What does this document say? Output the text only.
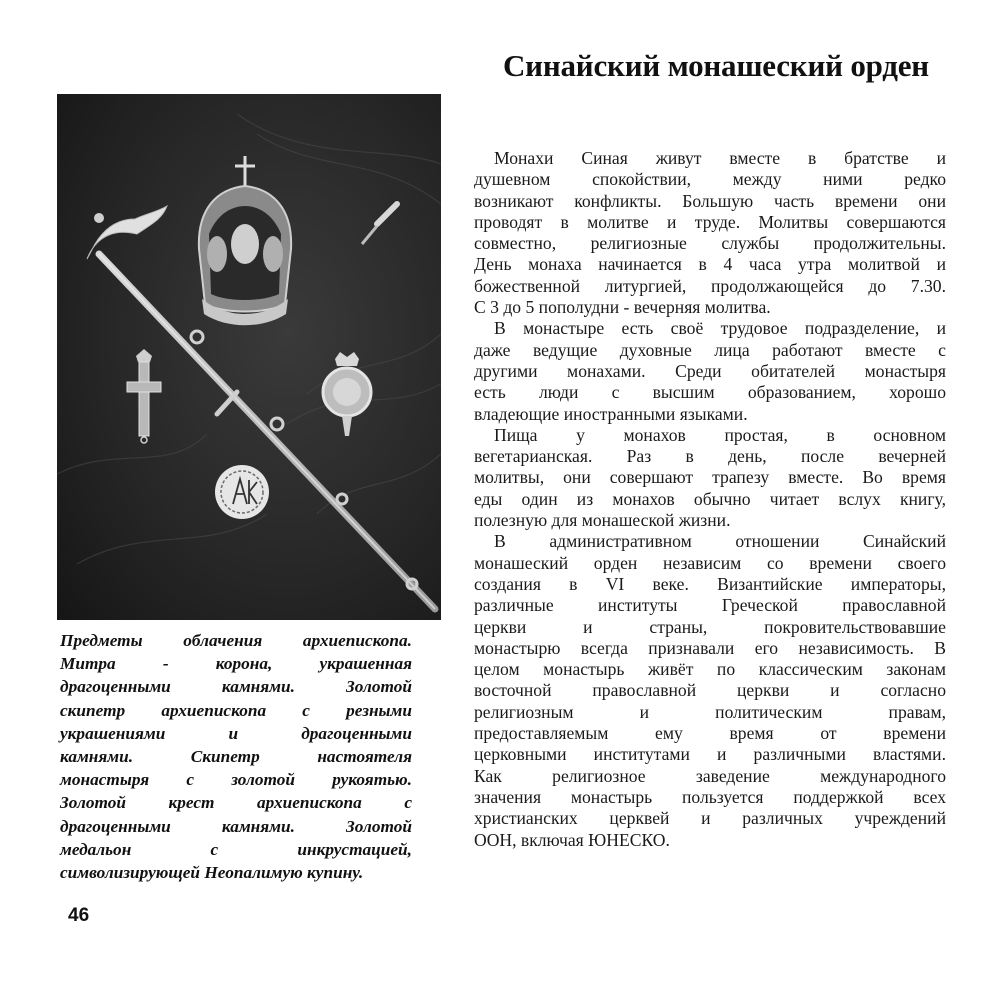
Синайский монашеский орден
Предметы облачения архиепископа.
Митра - корона, украшенная
драгоценными камнями. Золотой
скипетр архиепископа с резными
украшениями и драгоценными
камнями. Скипетр настоятеля
монастыря с золотой рукоятью.
Золотой крест архиепископа с
драгоценными камнями. Золотой
медальон с инкрустацией,
символизирующей Неопалимую купину.
Монахи Синая живут вместе в братстве и
душевном спокойствии, между ними редко
возникают конфликты. Большую часть времени они
проводят в молитве и труде. Молитвы совершаются
совместно, религиозные службы продолжительны.
День монаха начинается в 4 часа утра молитвой и
божественной литургией, продолжающейся до 7.30.
С 3 до 5 пополудни - вечерняя молитва.
В монастыре есть своё трудовое подразделение, и
даже ведущие духовные лица работают вместе с
другими монахами. Среди обитателей монастыря
есть люди с высшим образованием, хорошо
владеющие иностранными языками.
Пища у монахов простая, в основном
вегетарианская. Раз в день, после вечерней
молитвы, они совершают трапезу вместе. Во время
еды один из монахов обычно читает вслух книгу,
полезную для монашеской жизни.
В административном отношении Синайский
монашеский орден независим со времени своего
создания в VI веке. Византийские императоры,
различные институты Греческой православной
церкви и страны, покровительствовавшие
монастырю всегда признавали его независимость. В
целом монастырь живёт по классическим законам
восточной православной церкви и согласно
религиозным и политическим правам,
предоставляемым ему время от времени
церковными институтами и различными властями.
Как религиозное заведение международного
значения монастырь пользуется поддержкой всех
христианских церквей и различных учреждений
ООН, включая ЮНЕСКО.
46
